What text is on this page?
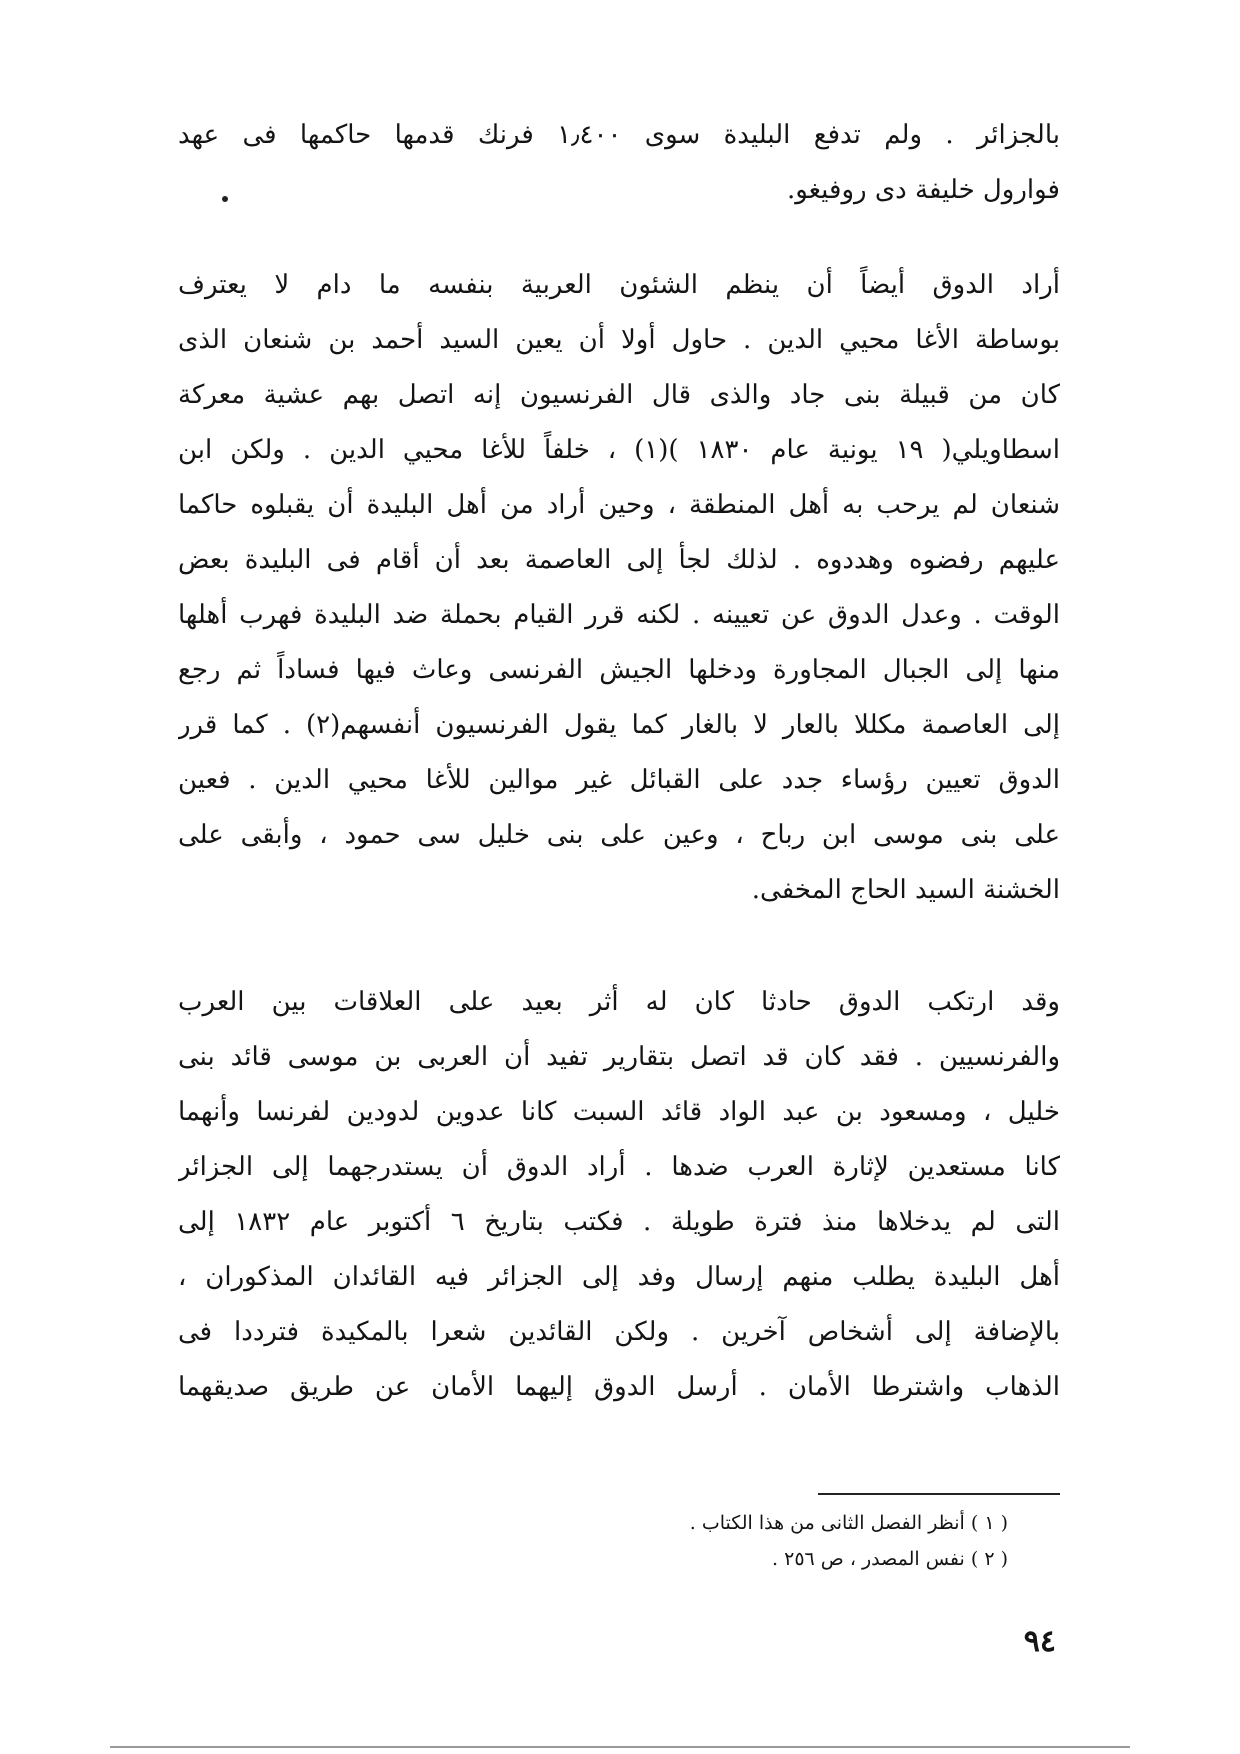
بالجزائر . ولم تدفع البليدة سوى ١٫٤٠٠ فرنك قدمها حاكمها فى عهد
فوارول خليفة دى روفيغو.
أراد الدوق أيضاً أن ينظم الشئون العربية بنفسه ما دام لا يعترف
بوساطة الأغا محيي الدين . حاول أولا أن يعين السيد أحمد بن شنعان الذى
كان من قبيلة بنى جاد والذى قال الفرنسيون إنه اتصل بهم عشية معركة
اسطاويلي( ١٩ يونية عام ١٨٣٠ )(١) ، خلفاً للأغا محيي الدين . ولكن ابن
شنعان لم يرحب به أهل المنطقة ، وحين أراد من أهل البليدة أن يقبلوه حاكما
عليهم رفضوه وهددوه . لذلك لجأ إلى العاصمة بعد أن أقام فى البليدة بعض
الوقت . وعدل الدوق عن تعيينه . لكنه قرر القيام بحملة ضد البليدة فهرب أهلها
منها إلى الجبال المجاورة ودخلها الجيش الفرنسى وعاث فيها فساداً ثم رجع
إلى العاصمة مكللا بالعار لا بالغار كما يقول الفرنسيون أنفسهم(٢) . كما قرر
الدوق تعيين رؤساء جدد على القبائل غير موالين للأغا محيي الدين . فعين
على بنى موسى ابن رباح ، وعين على بنى خليل سى حمود ، وأبقى على
الخشنة السيد الحاج المخفى.
وقد ارتكب الدوق حادثا كان له أثر بعيد على العلاقات بين العرب
والفرنسيين . فقد كان قد اتصل بتقارير تفيد أن العربى بن موسى قائد بنى
خليل ، ومسعود بن عبد الواد قائد السبت كانا عدوين لدودين لفرنسا وأنهما
كانا مستعدين لإثارة العرب ضدها . أراد الدوق أن يستدرجهما إلى الجزائر
التى لم يدخلاها منذ فترة طويلة . فكتب بتاريخ ٦ أكتوبر عام ١٨٣٢ إلى
أهل البليدة يطلب منهم إرسال وفد إلى الجزائر فيه القائدان المذكوران ،
بالإضافة إلى أشخاص آخرين . ولكن القائدين شعرا بالمكيدة فترددا فى
الذهاب واشترطا الأمان . أرسل الدوق إليهما الأمان عن طريق صديقهما
( ١ ) أنظر الفصل الثانى من هذا الكتاب .
( ٢ ) نفس المصدر ، ص ٢٥٦ .
٩٤
